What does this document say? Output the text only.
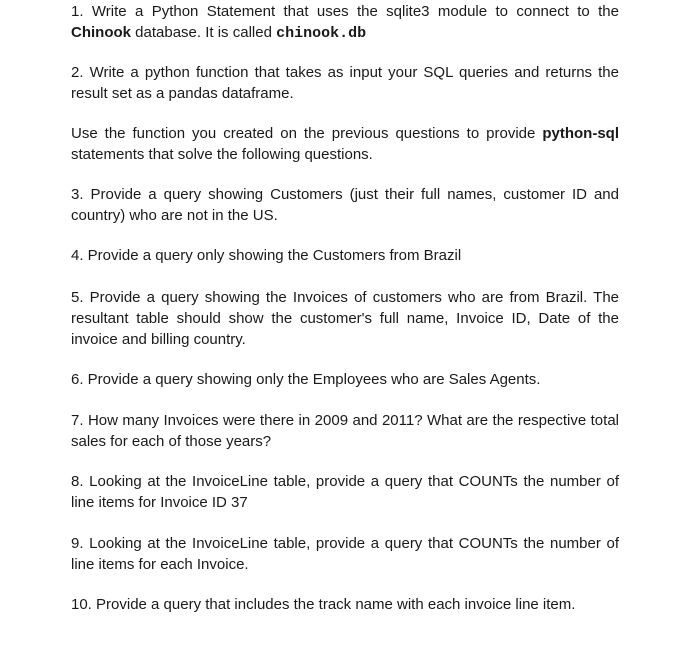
1. Write a Python Statement that uses the sqlite3 module to connect to the Chinook database. It is called chinook.db

2. Write a python function that takes as input your SQL queries and returns the result set as a pandas dataframe.

Use the function you created on the previous questions to provide python-sql statements that solve the following questions.

3. Provide a query showing Customers (just their full names, customer ID and country) who are not in the US.

4. Provide a query only showing the Customers from Brazil

5. Provide a query showing the Invoices of customers who are from Brazil. The resultant table should show the customer's full name, Invoice ID, Date of the invoice and billing country.

6. Provide a query showing only the Employees who are Sales Agents.

7. How many Invoices were there in 2009 and 2011? What are the respective total sales for each of those years?

8. Looking at the InvoiceLine table, provide a query that COUNTs the number of line items for Invoice ID 37

9. Looking at the InvoiceLine table, provide a query that COUNTs the number of line items for each Invoice.

10. Provide a query that includes the track name with each invoice line item.
